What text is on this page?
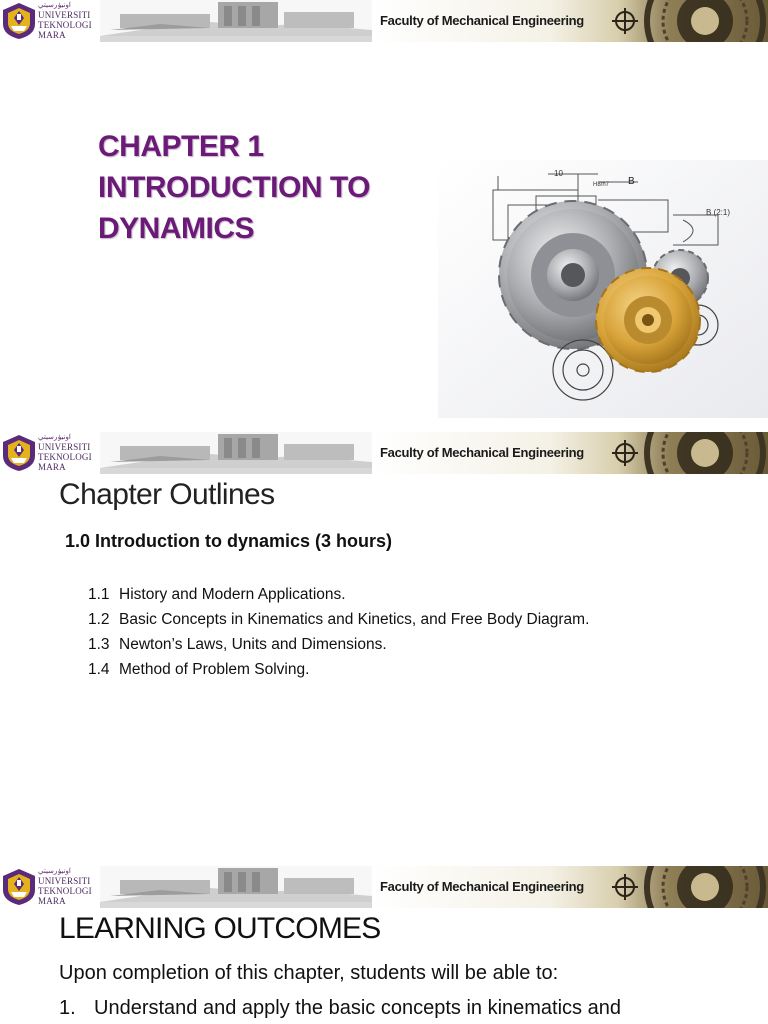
اونيۏرسيتي
UNIVERSITI
TEKNOLOGI
MARA
Faculty of Mechanical Engineering
CHAPTER 1
INTRODUCTION TO
DYNAMICS
10
H8/h7 B
B (2:1)
اونيۏرسيتي
UNIVERSITI
TEKNOLOGI
MARA
Faculty of Mechanical Engineering
Chapter Outlines
1.0 Introduction to dynamics (3 hours)
1.1 History and Modern Applications.
1.2 Basic Concepts in Kinematics and Kinetics, and Free Body Diagram.
1.3 Newton’s Laws, Units and Dimensions.
1.4 Method of Problem Solving.
اونيۏرسيتي
UNIVERSITI
TEKNOLOGI
MARA
Faculty of Mechanical Engineering
LEARNING OUTCOMES
Upon completion of this chapter, students will be able to:
1. Understand and apply the basic concepts in kinematics and
